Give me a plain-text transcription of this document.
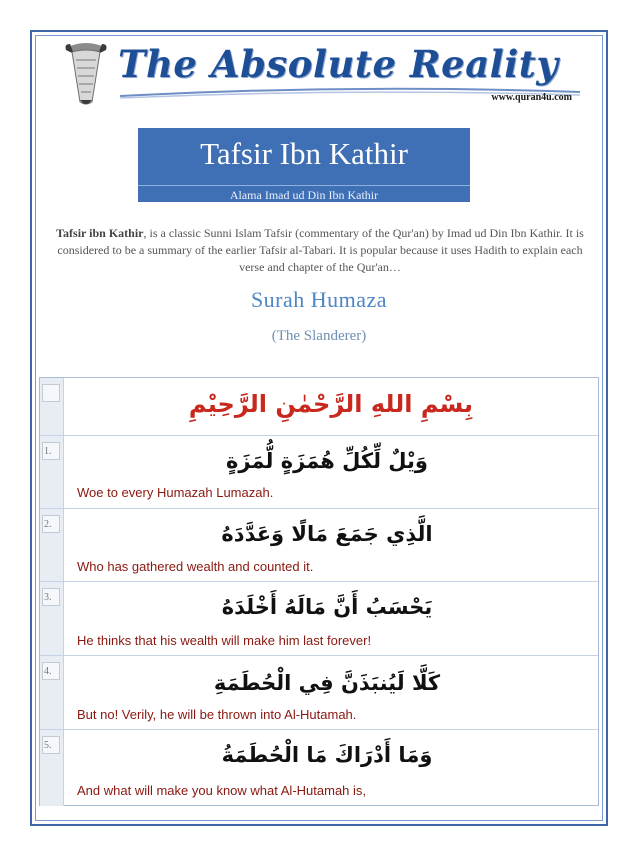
The Absolute Reality
www.quran4u.com
Tafsir Ibn Kathir
Alama Imad ud Din Ibn Kathir
Tafsir ibn Kathir, is a classic Sunni Islam Tafsir (commentary of the Qur'an) by Imad ud Din Ibn Kathir. It is considered to be a summary of the earlier Tafsir al-Tabari. It is popular because it uses Hadith to explain each verse and chapter of the Qur'an…
Surah Humaza
(The Slanderer)
بِسْمِ اللهِ الرَّحْمٰنِ الرَّحِيْمِ
1.	وَيْلٌ لِّكُلِّ هُمَزَةٍ لُّمَزَةٍ
Woe to every Humazah Lumazah.
2.	الَّذِي جَمَعَ مَالًا وَعَدَّدَهُ
Who has gathered wealth and counted it.
3.	يَحْسَبُ أَنَّ مَالَهُ أَخْلَدَهُ
He thinks that his wealth will make him last forever!
4.	كَلَّا لَيُنبَذَنَّ فِي الْحُطَمَةِ
But no! Verily, he will be thrown into Al-Hutamah.
5.	وَمَا أَدْرَاكَ مَا الْحُطَمَةُ
And what will make you know what Al-Hutamah is,
